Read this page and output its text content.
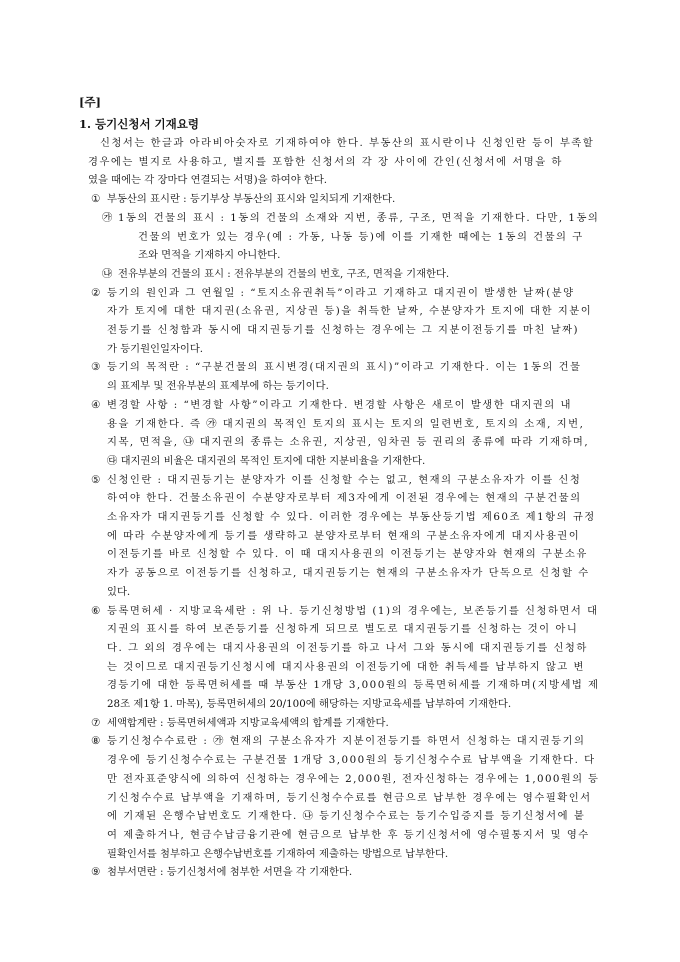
[주]
1. 등기신청서 기재요령
신청서는 한글과 아라비아숫자로 기재하여야 한다. 부동산의 표시란이나 신청인란 등이 부족할
경우에는 별지로 사용하고, 별지를 포함한 신청서의 각 장 사이에 간인(신청서에 서명을 하
였을 때에는 각 장마다 연결되는 서명)을 하여야 한다.
① 부동산의 표시란 : 등기부상 부동산의 표시와 일치되게 기재한다.
㉮ 1동의 건물의 표시 : 1동의 건물의 소재와 지번, 종류, 구조, 면적을 기재한다. 다만, 1동의
건물의 번호가 있는 경우(예 : 가동, 나동 등)에 이를 기재한 때에는 1동의 건물의 구
조와 면적을 기재하지 아니한다.
㉯ 전유부분의 건물의 표시 : 전유부분의 건물의 번호, 구조, 면적을 기재한다.
② 등기의 원인과 그 연월일 : “토지소유권취득”이라고 기재하고 대지권이 발생한 날짜(분양
자가 토지에 대한 대지권(소유권, 지상권 등)을 취득한 날짜, 수분양자가 토지에 대한 지분이
전등기를 신청함과 동시에 대지권등기를 신청하는 경우에는 그 지분이전등기를 마친 날짜)
가 등기원인일자이다.
③ 등기의 목적란 : “구분건물의 표시변경(대지권의 표시)”이라고 기재한다. 이는 1동의 건물
의 표제부 및 전유부분의 표제부에 하는 등기이다.
④ 변경할 사항 : “변경할 사항”이라고 기재한다. 변경할 사항은 새로이 발생한 대지권의 내
용을 기재한다. 즉 ㉮ 대지권의 목적인 토지의 표시는 토지의 일련번호, 토지의 소재, 지번,
지목, 면적을, ㉯ 대지권의 종류는 소유권, 지상권, 임차권 등 권리의 종류에 따라 기재하며,
㉰ 대지권의 비율은 대지권의 목적인 토지에 대한 지분비율을 기재한다.
⑤ 신청인란 : 대지권등기는 분양자가 이를 신청할 수는 없고, 현재의 구분소유자가 이를 신청
하여야 한다. 건물소유권이 수분양자로부터 제3자에게 이전된 경우에는 현재의 구분건물의
소유자가 대지권등기를 신청할 수 있다. 이러한 경우에는 부동산등기법 제60조 제1항의 규정
에 따라 수분양자에게 등기를 생략하고 분양자로부터 현재의 구분소유자에게 대지사용권이
이전등기를 바로 신청할 수 있다. 이 때 대지사용권의 이전등기는 분양자와 현재의 구분소유
자가 공동으로 이전등기를 신청하고, 대지권등기는 현재의 구분소유자가 단독으로 신청할 수
있다.
⑥ 등록면허세 · 지방교육세란 : 위 나. 등기신청방법 (1)의 경우에는, 보존등기를 신청하면서 대
지권의 표시를 하여 보존등기를 신청하게 되므로 별도로 대지권등기를 신청하는 것이 아니
다. 그 외의 경우에는 대지사용권의 이전등기를 하고 나서 그와 동시에 대지권등기를 신청하
는 것이므로 대지권등기신청시에 대지사용권의 이전등기에 대한 취득세를 납부하지 않고 변
경등기에 대한 등록면허세를 때 부동산 1개당 3,000원의 등록면허세를 기재하며(지방세법 제
28조 제1항 1. 마목), 등록면허세의 20/100에 해당하는 지방교육세를 납부하여 기재한다.
⑦ 세액합계란 : 등록면허세액과 지방교육세액의 합계를 기재한다.
⑧ 등기신청수수료란 : ㉮ 현재의 구분소유자가 지분이전등기를 하면서 신청하는 대지권등기의
경우에 등기신청수수료는 구분건물 1개당 3,000원의 등기신청수수료 납부액을 기재한다. 다
만 전자표준양식에 의하여 신청하는 경우에는 2,000원, 전자신청하는 경우에는 1,000원의 등
기신청수수료 납부액을 기재하며, 등기신청수수료를 현금으로 납부한 경우에는 영수필확인서
에 기재된 은행수납번호도 기재한다. ㉯ 등기신청수수료는 등기수입증지를 등기신청서에 붙
여 제출하거나, 현금수납금융기관에 현금으로 납부한 후 등기신청서에 영수필통지서 및 영수
필확인서를 첨부하고 은행수납번호를 기재하여 제출하는 방법으로 납부한다.
⑨ 첨부서면란 : 등기신청서에 첨부한 서면을 각 기재한다.
